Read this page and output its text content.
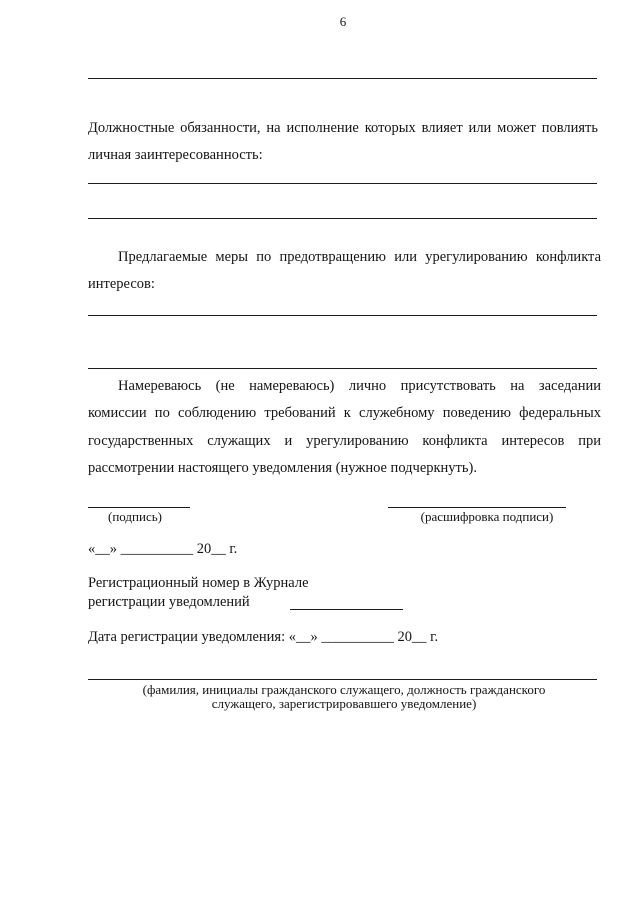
6
Должностные обязанности, на исполнение которых влияет или может повлиять
личная заинтересованность:
Предлагаемые меры по предотвращению или урегулированию конфликта
интересов:
Намереваюсь (не намереваюсь) лично присутствовать на заседании
комиссии по соблюдению требований к служебному поведению федеральных
государственных служащих и урегулированию конфликта интересов при
рассмотрении настоящего уведомления (нужное подчеркнуть).
(подпись)	(расшифровка подписи)
«__» __________ 20__ г.
Регистрационный номер в Журнале
регистрации уведомлений
Дата регистрации уведомления: «__» __________ 20__ г.
(фамилия, инициалы гражданского служащего, должность гражданского
служащего, зарегистрировавшего уведомление)
